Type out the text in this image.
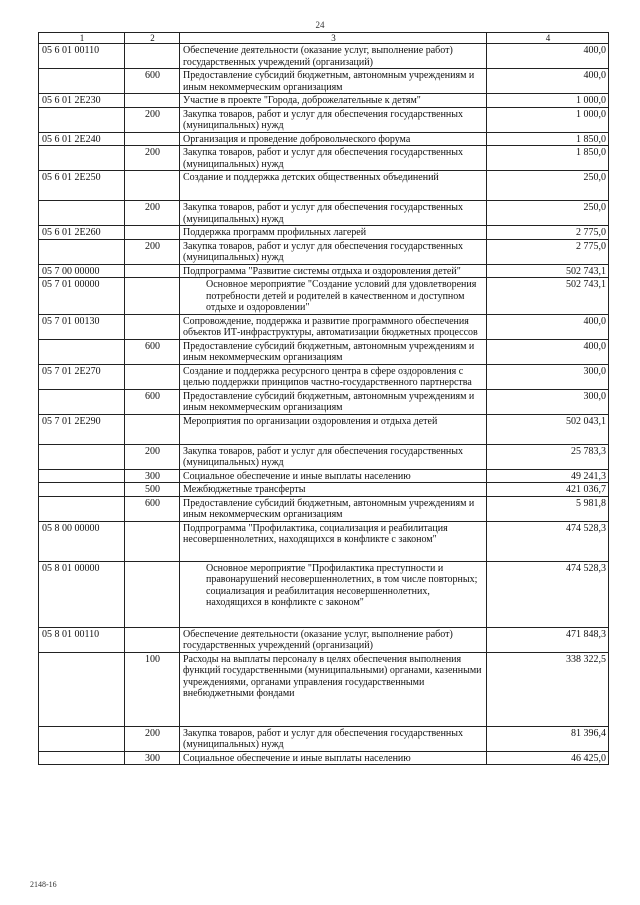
24
1	2	3	4
05 6 01 00110		Обеспечение деятельности (оказание услуг, выполнение работ) государственных учреждений (организаций)	400,0
	600	Предоставление субсидий бюджетным, автономным учреждениям и иным некоммерческим организациям	400,0
05 6 01 2Е230		Участие в проекте "Города, доброжелательные к детям"	1 000,0
	200	Закупка товаров, работ и услуг для обеспечения государственных (муниципальных) нужд	1 000,0
05 6 01 2Е240		Организация и проведение добровольческого форума	1 850,0
	200	Закупка товаров, работ и услуг для обеспечения государственных (муниципальных) нужд	1 850,0
05 6 01 2Е250		Создание и поддержка детских общественных объединений	250,0
	200	Закупка товаров, работ и услуг для обеспечения государственных (муниципальных) нужд	250,0
05 6 01 2Е260		Поддержка программ профильных лагерей	2 775,0
	200	Закупка товаров, работ и услуг для обеспечения государственных (муниципальных) нужд	2 775,0
05 7 00 00000		Подпрограмма "Развитие системы отдыха и оздоровления детей"	502 743,1
05 7 01 00000		Основное мероприятие "Создание условий для удовлетворения потребности детей и родителей в качественном и доступном отдыхе и оздоровлении"	502 743,1
05 7 01 00130		Сопровождение, поддержка и развитие программного обеспечения объектов ИТ-инфраструктуры, автоматизации бюджетных процессов	400,0
	600	Предоставление субсидий бюджетным, автономным учреждениям и иным некоммерческим организациям	400,0
05 7 01 2Е270		Создание и поддержка ресурсного центра в сфере оздоровления с целью поддержки принципов частно-государственного партнерства	300,0
	600	Предоставление субсидий бюджетным, автономным учреждениям и иным некоммерческим организациям	300,0
05 7 01 2Е290		Мероприятия по организации оздоровления и отдыха детей	502 043,1
	200	Закупка товаров, работ и услуг для обеспечения государственных (муниципальных) нужд	25 783,3
	300	Социальное обеспечение и иные выплаты населению	49 241,3
	500	Межбюджетные трансферты	421 036,7
	600	Предоставление субсидий бюджетным, автономным учреждениям и иным некоммерческим организациям	5 981,8
05 8 00 00000		Подпрограмма "Профилактика, социализация и реабилитация несовершеннолетних, находящихся в конфликте с законом"	474 528,3
05 8 01 00000		Основное мероприятие "Профилактика преступности и правонарушений несовершеннолетних, в том числе повторных; социализация и реабилитация несовершеннолетних, находящихся в конфликте с законом"	474 528,3
05 8 01 00110		Обеспечение деятельности (оказание услуг, выполнение работ) государственных учреждений (организаций)	471 848,3
	100	Расходы на выплаты персоналу в целях обеспечения выполнения функций государственными (муниципальными) органами, казенными учреждениями, органами управления государственными внебюджетными фондами	338 322,5
	200	Закупка товаров, работ и услуг для обеспечения государственных (муниципальных) нужд	81 396,4
	300	Социальное обеспечение и иные выплаты населению	46 425,0
2148-16
